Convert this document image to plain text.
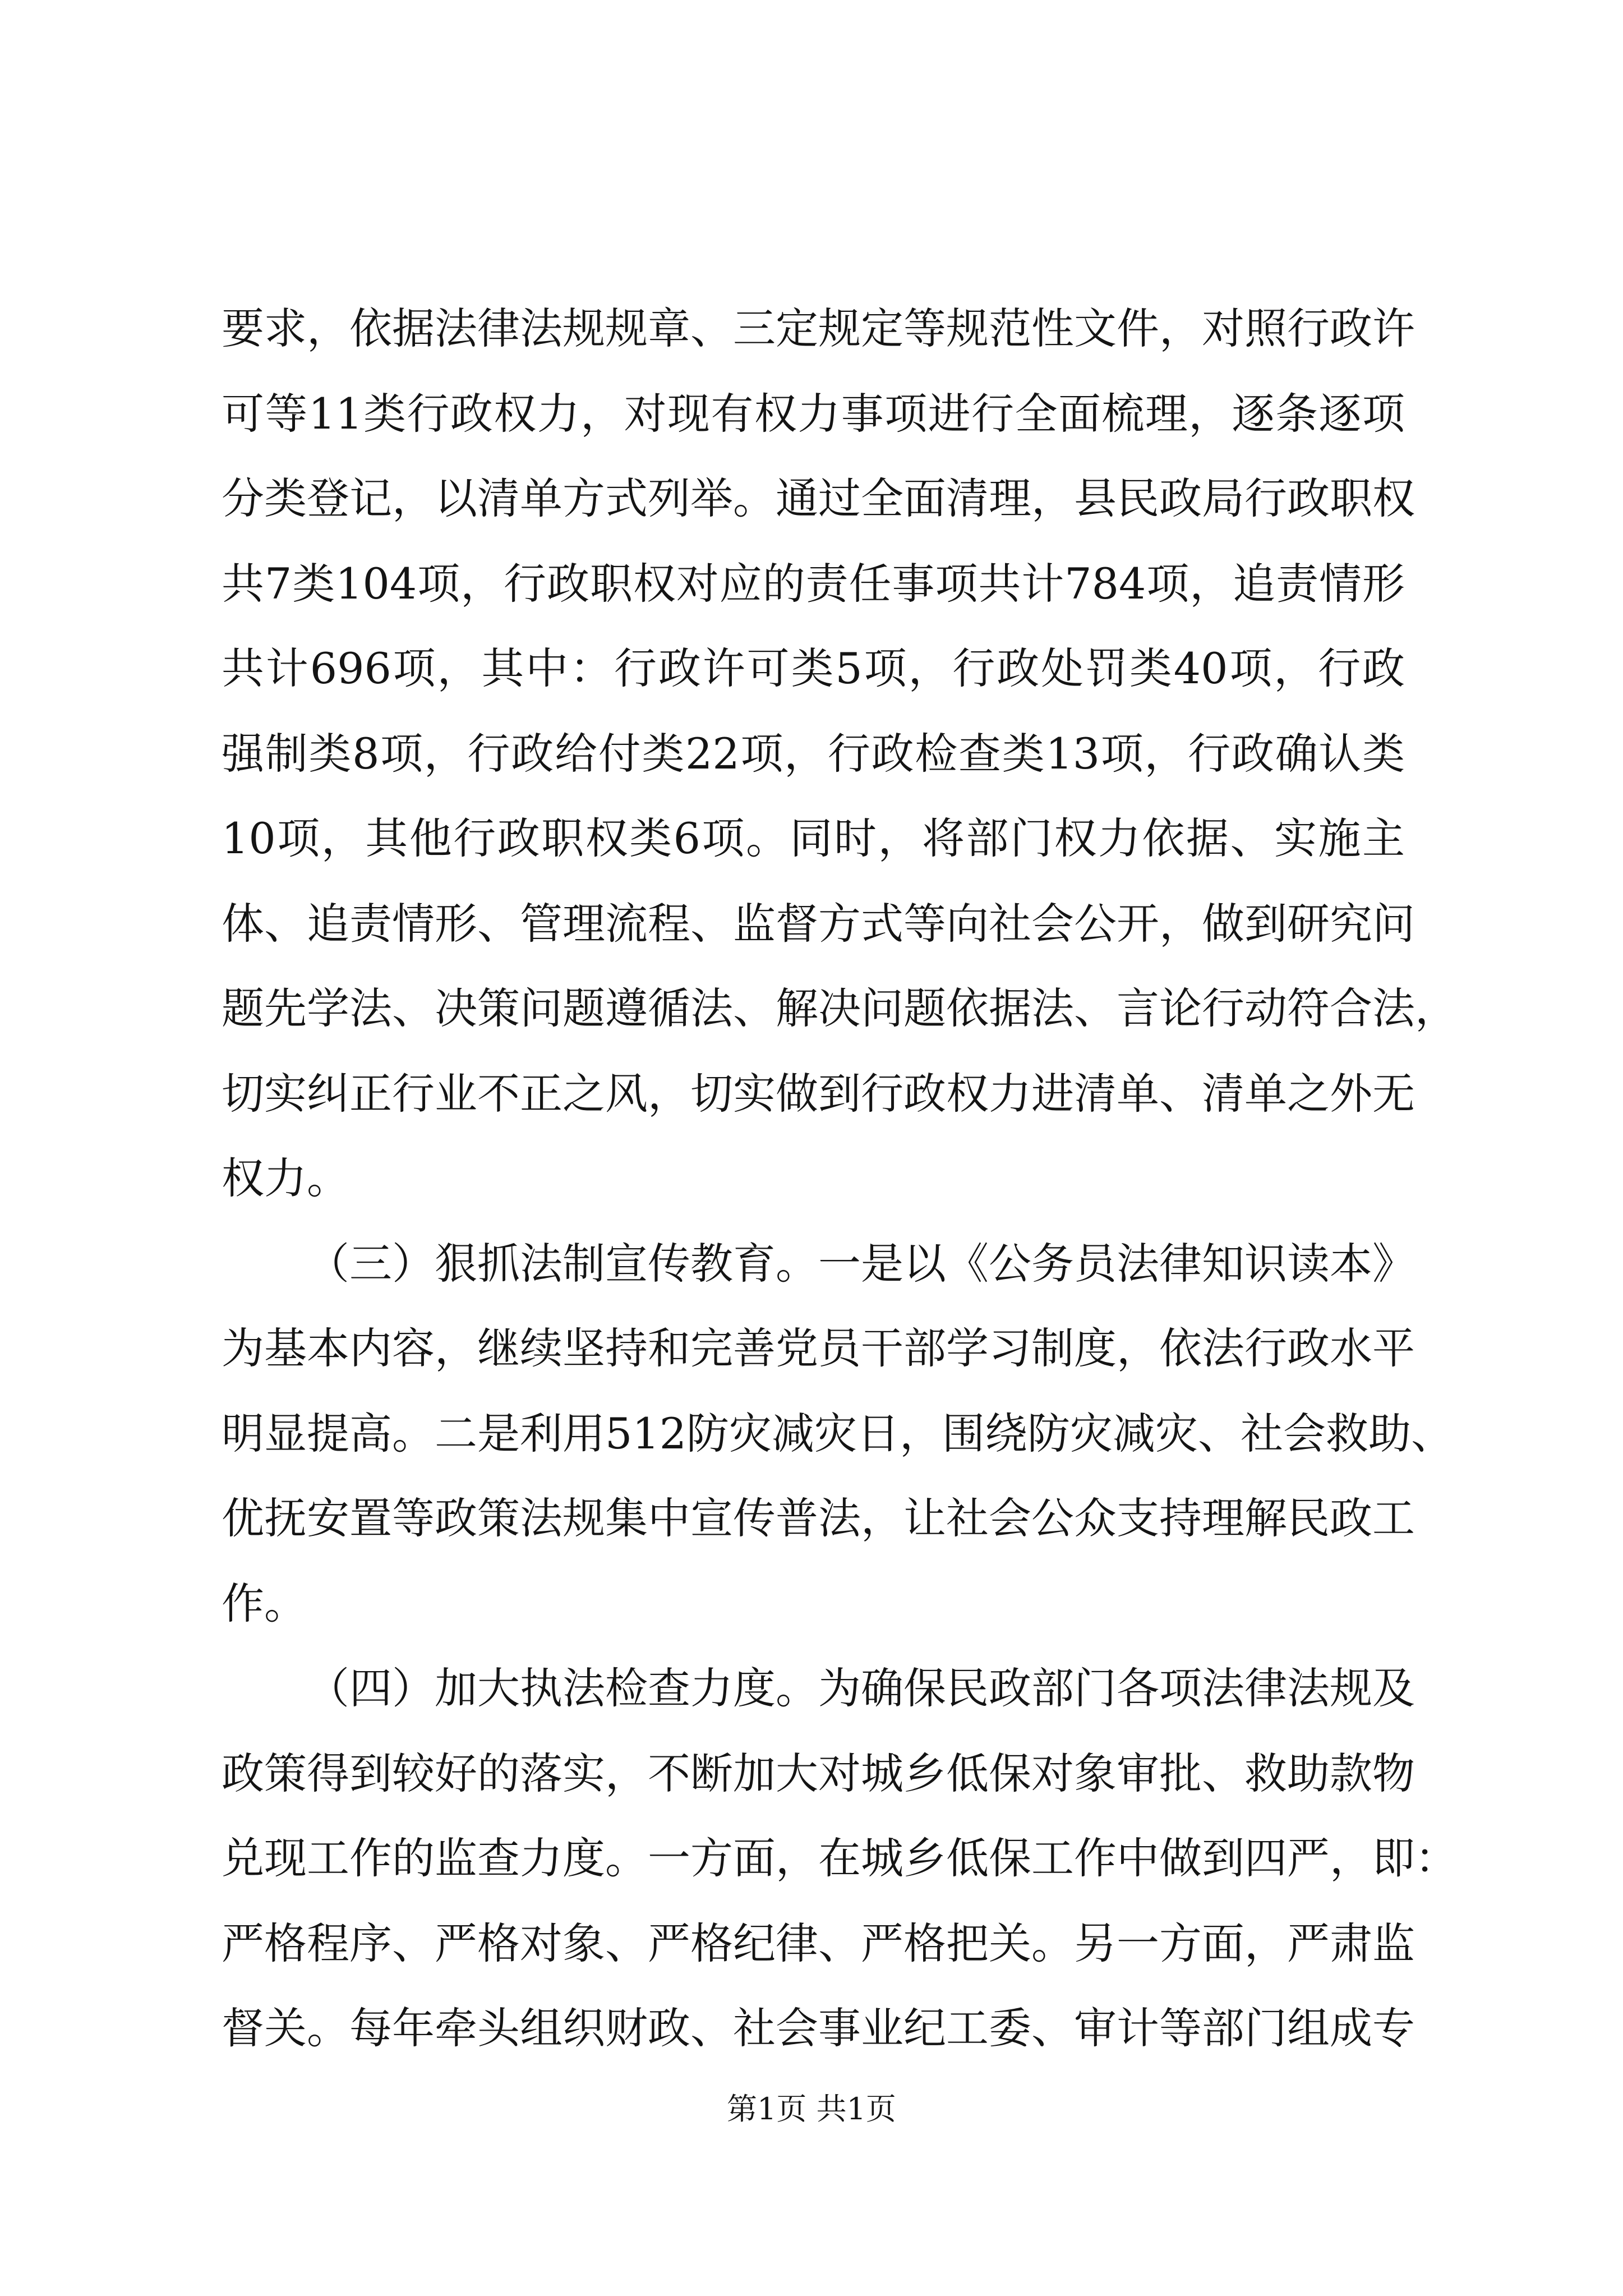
要求，依据法律法规规章、三定规定等规范性文件，对照行政许
可等11类行政权力，对现有权力事项进行全面梳理，逐条逐项
分类登记，以清单方式列举。通过全面清理，县民政局行政职权
共7类104项，行政职权对应的责任事项共计784项，追责情形
共计696项，其中：行政许可类5项，行政处罚类40项，行政
强制类8项，行政给付类22项，行政检查类13项，行政确认类
10项，其他行政职权类6项。同时，将部门权力依据、实施主
体、追责情形、管理流程、监督方式等向社会公开，做到研究问
题先学法、决策问题遵循法、解决问题依据法、言论行动符合法，
切实纠正行业不正之风，切实做到行政权力进清单、清单之外无
权力。
（三）狠抓法制宣传教育。一是以《公务员法律知识读本》
为基本内容，继续坚持和完善党员干部学习制度，依法行政水平
明显提高。二是利用512防灾减灾日，围绕防灾减灾、社会救助、
优抚安置等政策法规集中宣传普法，让社会公众支持理解民政工
作。
（四）加大执法检查力度。为确保民政部门各项法律法规及
政策得到较好的落实，不断加大对城乡低保对象审批、救助款物
兑现工作的监查力度。一方面，在城乡低保工作中做到四严，即：
严格程序、严格对象、严格纪律、严格把关。另一方面，严肃监
督关。每年牵头组织财政、社会事业纪工委、审计等部门组成专
第1页 共1页
